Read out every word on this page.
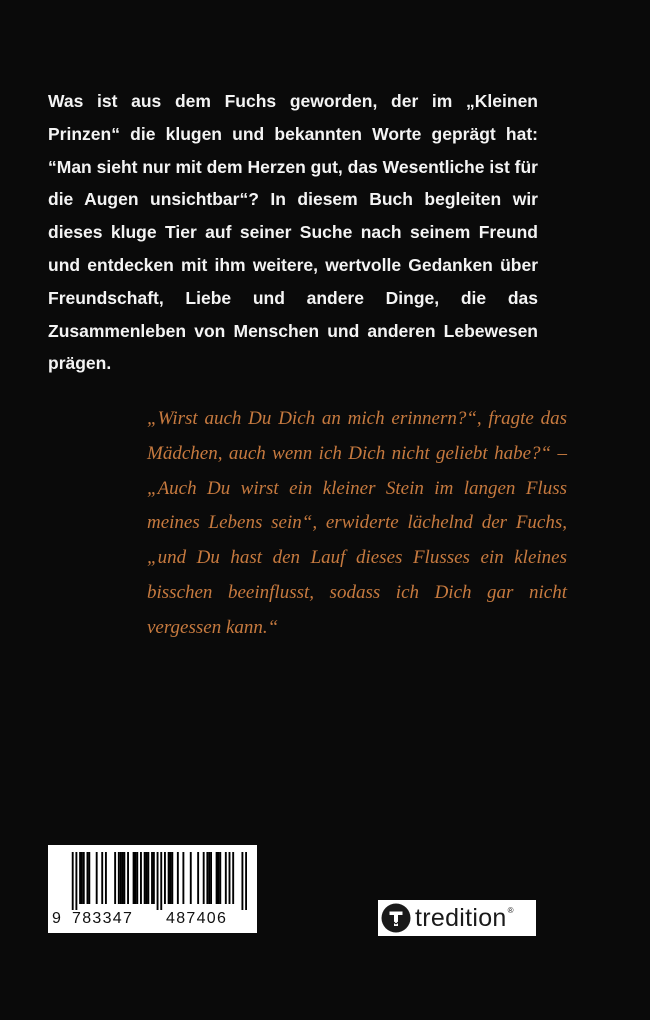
Was ist aus dem Fuchs geworden, der im „Kleinen Prinzen“ die klugen und bekannten Worte geprägt hat: “Man sieht nur mit dem Herzen gut, das Wesentliche ist für die Augen unsichtbar“? In diesem Buch begleiten wir dieses kluge Tier auf seiner Suche nach seinem Freund und entdecken mit ihm weitere, wertvolle Gedanken über Freundschaft, Liebe und andere Dinge, die das Zusammenleben von Menschen und anderen Lebewesen prägen.

„Wirst auch Du Dich an mich erinnern?“, fragte das Mädchen, auch wenn ich Dich nicht geliebt habe?“ – „Auch Du wirst ein kleiner Stein im langen Fluss meines Lebens sein“, erwiderte lächelnd der Fuchs, „und Du hast den Lauf dieses Flusses ein kleines bisschen beeinflusst, sodass ich Dich gar nicht vergessen kann.“

9 783347 487406	tredition ®
